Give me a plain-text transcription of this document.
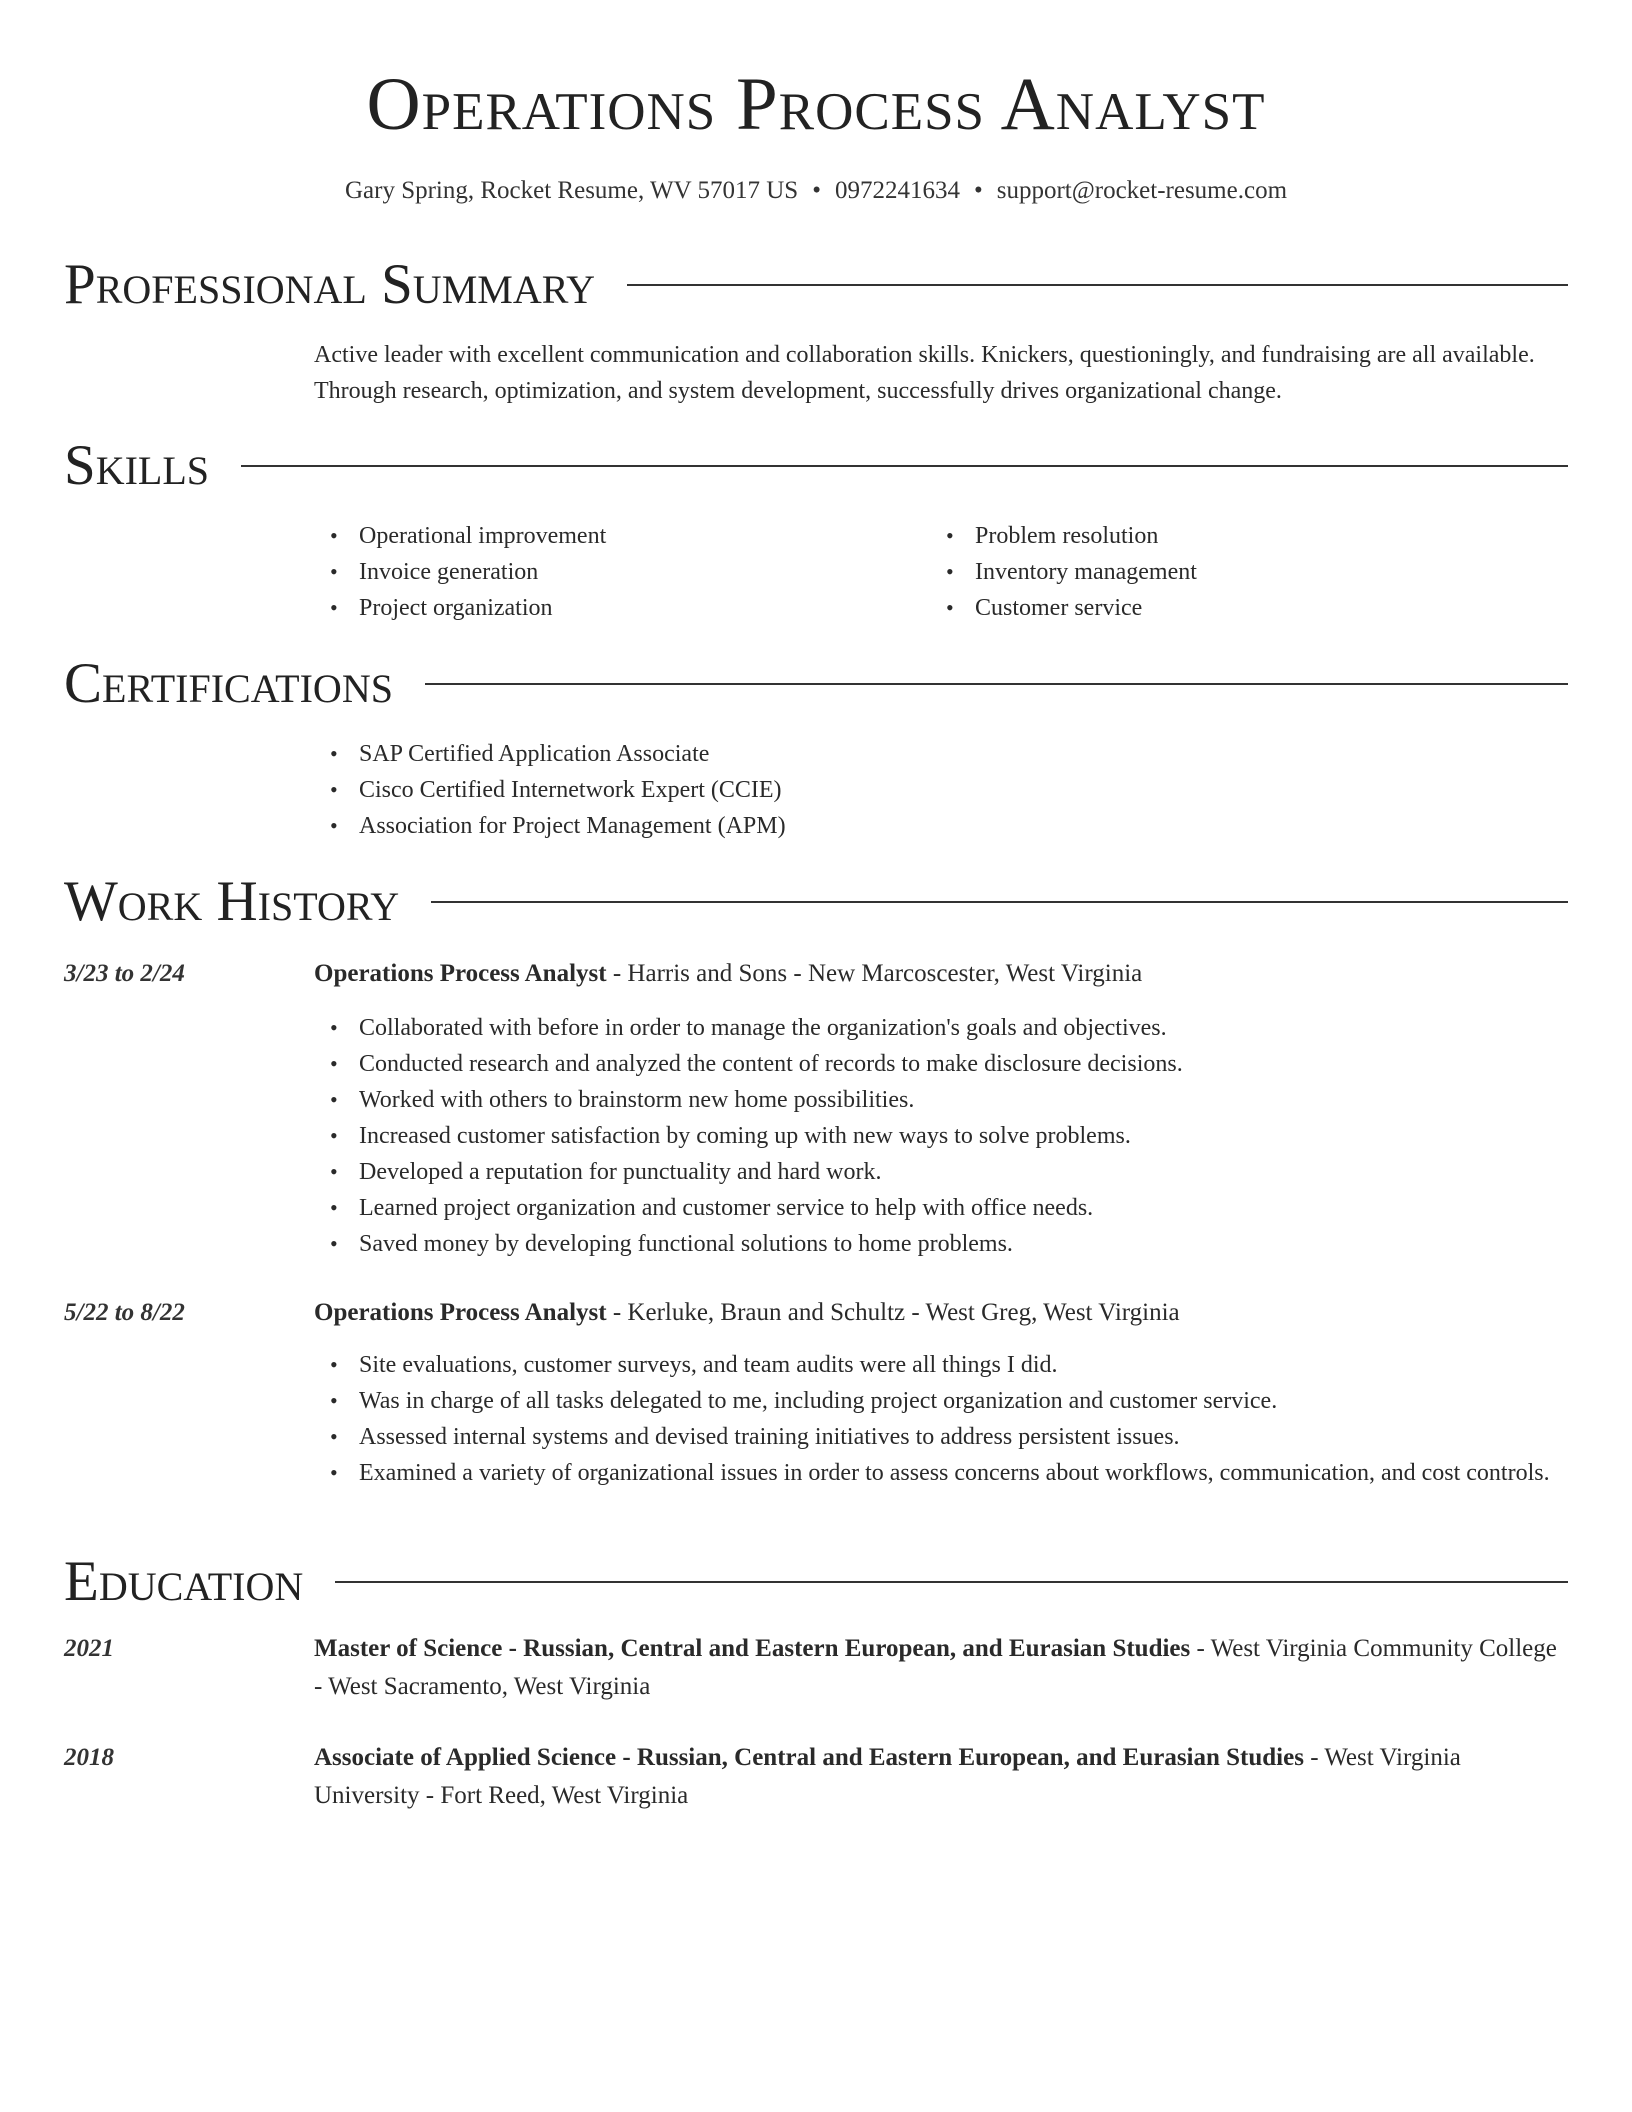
Operations Process Analyst
Gary Spring, Rocket Resume, WV 57017 US • 0972241634 • support@rocket-resume.com
Professional Summary

Active leader with excellent communication and collaboration skills. Knickers, questioningly, and fundraising are all available. Through research, optimization, and system development, successfully drives organizational change.

Skills
• Operational improvement
• Invoice generation
• Project organization
• Problem resolution
• Inventory management
• Customer service
Certifications
• SAP Certified Application Associate
• Cisco Certified Internetwork Expert (CCIE)
• Association for Project Management (APM)
Work History
3/23 to 2/24	Operations Process Analyst - Harris and Sons - New Marcoscester, West Virginia
• Collaborated with before in order to manage the organization's goals and objectives.
• Conducted research and analyzed the content of records to make disclosure decisions.
• Worked with others to brainstorm new home possibilities.
• Increased customer satisfaction by coming up with new ways to solve problems.
• Developed a reputation for punctuality and hard work.
• Learned project organization and customer service to help with office needs.
• Saved money by developing functional solutions to home problems.
5/22 to 8/22	Operations Process Analyst - Kerluke, Braun and Schultz - West Greg, West Virginia
• Site evaluations, customer surveys, and team audits were all things I did.
• Was in charge of all tasks delegated to me, including project organization and customer service.
• Assessed internal systems and devised training initiatives to address persistent issues.
• Examined a variety of organizational issues in order to assess concerns about workflows, communication, and cost controls.
Education
2021	Master of Science - Russian, Central and Eastern European, and Eurasian Studies - West Virginia Community College - West Sacramento, West Virginia
2018	Associate of Applied Science - Russian, Central and Eastern European, and Eurasian Studies - West Virginia University - Fort Reed, West Virginia
